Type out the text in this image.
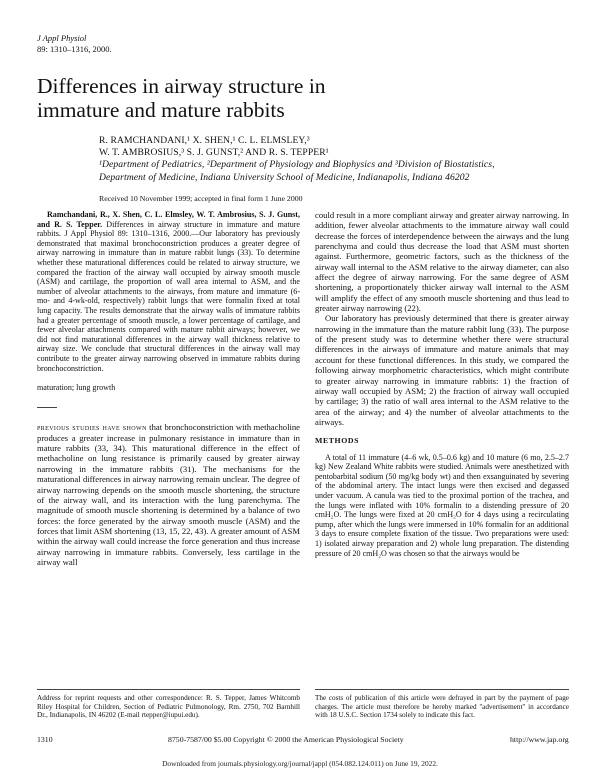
J Appl Physiol
89: 1310–1316, 2000.
Differences in airway structure in
immature and mature rabbits
R. RAMCHANDANI,¹ X. SHEN,¹ C. L. ELMSLEY,³
W. T. AMBROSIUS,³ S. J. GUNST,² AND R. S. TEPPER¹
¹Department of Pediatrics, ²Department of Physiology and Biophysics and ³Division of Biostatistics,
Department of Medicine, Indiana University School of Medicine, Indianapolis, Indiana 46202
Received 10 November 1999; accepted in final form 1 June 2000

Ramchandani, R., X. Shen, C. L. Elmsley, W. T. Ambrosius, S. J. Gunst, and R. S. Tepper. Differences in airway structure in immature and mature rabbits. J Appl Physiol 89: 1310–1316, 2000.—Our laboratory has previously demonstrated that maximal bronchoconstriction produces a greater degree of airway narrowing in immature than in mature rabbit lungs (33). To determine whether these maturational differences could be related to airway structure, we compared the fraction of the airway wall occupied by airway smooth muscle (ASM) and cartilage, the proportion of wall area internal to ASM, and the number of alveolar attachments to the airways, from mature and immature (6-mo- and 4-wk-old, respectively) rabbit lungs that were formalin fixed at total lung capacity. The results demonstrate that the airway walls of immature rabbits had a greater percentage of smooth muscle, a lower percentage of cartilage, and fewer alveolar attachments compared with mature rabbit airways; however, we did not find maturational differences in the airway wall thickness relative to airway size. We conclude that structural differences in the airway wall may contribute to the greater airway narrowing observed in immature rabbits during bronchoconstriction.

maturation; lung growth

previous studies have shown that bronchoconstriction with methacholine produces a greater increase in pulmonary resistance in immature than in mature rabbits (33, 34). This maturational difference in the effect of methacholine on lung resistance is primarily caused by greater airway narrowing in the immature rabbits (31). The mechanisms for the maturational differences in airway narrowing remain unclear. The degree of airway narrowing depends on the smooth muscle shortening, the structure of the airway wall, and its interaction with the lung parenchyma. The magnitude of smooth muscle shortening is determined by a balance of two forces: the force generated by the airway smooth muscle (ASM) and the forces that limit ASM shortening (13, 15, 22, 43). A greater amount of ASM within the airway wall could increase the force generation and thus increase airway narrowing in immature rabbits. Conversely, less cartilage in the airway wall

could result in a more compliant airway and greater airway narrowing. In addition, fewer alveolar attachments to the immature airway wall could decrease the forces of interdependence between the airways and the lung parenchyma and could thus decrease the load that ASM must shorten against. Furthermore, geometric factors, such as the thickness of the airway wall internal to the ASM relative to the airway diameter, can also affect the degree of airway narrowing. For the same degree of ASM shortening, a proportionately thicker airway wall internal to the ASM will amplify the effect of any smooth muscle shortening and thus lead to greater airway narrowing (22).

Our laboratory has previously determined that there is greater airway narrowing in the immature than the mature rabbit lung (33). The purpose of the present study was to determine whether there were structural differences in the airways of immature and mature animals that may account for these functional differences. In this study, we compared the following airway morphometric characteristics, which might contribute to greater airway narrowing in immature rabbits: 1) the fraction of airway wall occupied by ASM; 2) the fraction of airway wall occupied by cartilage; 3) the ratio of wall area internal to the ASM relative to the area of the airway; and 4) the number of alveolar attachments to the airways.

METHODS

A total of 11 immature (4–6 wk, 0.5–0.6 kg) and 10 mature (6 mo, 2.5–2.7 kg) New Zealand White rabbits were studied. Animals were anesthetized with pentobarbital sodium (50 mg/kg body wt) and then exsanguinated by severing of the abdominal artery. The intact lungs were then excised and degassed under vacuum. A canula was tied to the proximal portion of the trachea, and the lungs were inflated with 10% formalin to a distending pressure of 20 cmH₂O. The lungs were fixed at 20 cmH₂O for 4 days using a recirculating pump, after which the lungs were immersed in 10% formalin for an additional 3 days to ensure complete fixation of the tissue. Two preparations were used: 1) isolated airway preparation and 2) whole lung preparation. The distending pressure of 20 cmH₂O was chosen so that the airways would be

Address for reprint requests and other correspondence: R. S. Tepper, James Whitcomb Riley Hospital for Children, Section of Pediatric Pulmonology, Rm. 2750, 702 Barnhill Dr., Indianapolis, IN 46202 (E-mail rtepper@iupui.edu).
The costs of publication of this article were defrayed in part by the payment of page charges. The article must therefore be hereby marked ''advertisement'' in accordance with 18 U.S.C. Section 1734 solely to indicate this fact.
1310	8750-7587/00 $5.00 Copyright © 2000 the American Physiological Society	http://www.jap.org
Downloaded from journals.physiology.org/journal/jappl (054.082.124.011) on June 19, 2022.
